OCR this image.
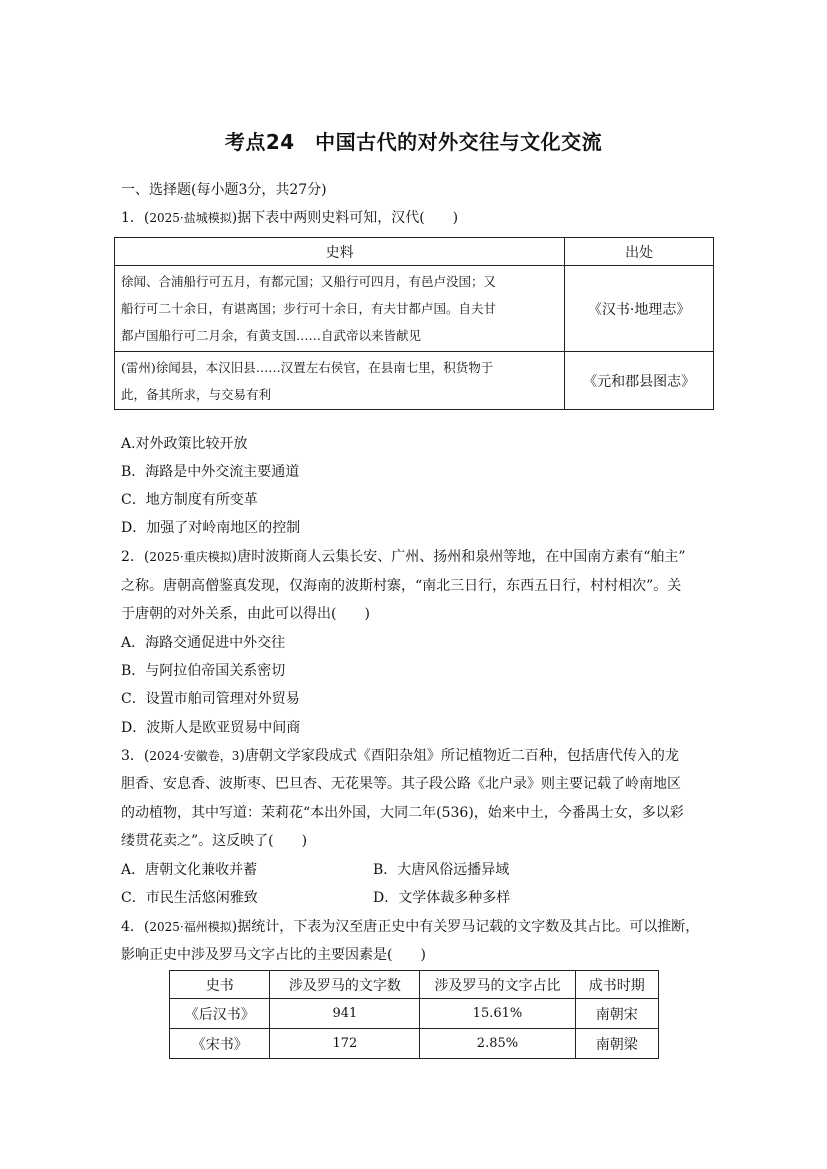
考点24　中国古代的对外交往与文化交流
一、选择题(每小题3分，共27分)
1．(2025·盐城模拟)据下表中两则史料可知，汉代(　　)
史料	出处

徐闻、合浦船行可五月，有都元国；又船行可四月，有邑卢没国；又
船行可二十余日，有谌离国；步行可十余日，有夫甘都卢国。自夫甘
都卢国船行可二月余，有黄支国……自武帝以来皆献见	《汉书·地理志》

(雷州)徐闻县，本汉旧县……汉置左右侯官，在县南七里，积货物于
此，备其所求，与交易有利	《元和郡县图志》
A.对外政策比较开放
B．海路是中外交流主要通道
C．地方制度有所变革
D．加强了对岭南地区的控制
2．(2025·重庆模拟)唐时波斯商人云集长安、广州、扬州和泉州等地，在中国南方素有“舶主”
之称。唐朝高僧鉴真发现，仅海南的波斯村寨，“南北三日行，东西五日行，村村相次”。关
于唐朝的对外关系，由此可以得出(　　)
A．海路交通促进中外交往
B．与阿拉伯帝国关系密切
C．设置市舶司管理对外贸易
D．波斯人是欧亚贸易中间商
3．(2024·安徽卷，3)唐朝文学家段成式《酉阳杂俎》所记植物近二百种，包括唐代传入的龙
胆香、安息香、波斯枣、巴旦杏、无花果等。其子段公路《北户录》则主要记载了岭南地区
的动植物，其中写道：茉莉花“本出外国，大同二年(536)，始来中土，今番禺士女，多以彩
缕贯花卖之”。这反映了(　　)
A．唐朝文化兼收并蓄	B．大唐风俗远播异域
C．市民生活悠闲雅致	D．文学体裁多种多样
4．(2025·福州模拟)据统计，下表为汉至唐正史中有关罗马记载的文字数及其占比。可以推断，
影响正史中涉及罗马文字占比的主要因素是(　　)
史书	涉及罗马的文字数	涉及罗马的文字占比	成书时期
《后汉书》	941	15.61%	南朝宋
《宋书》	172	2.85%	南朝梁
